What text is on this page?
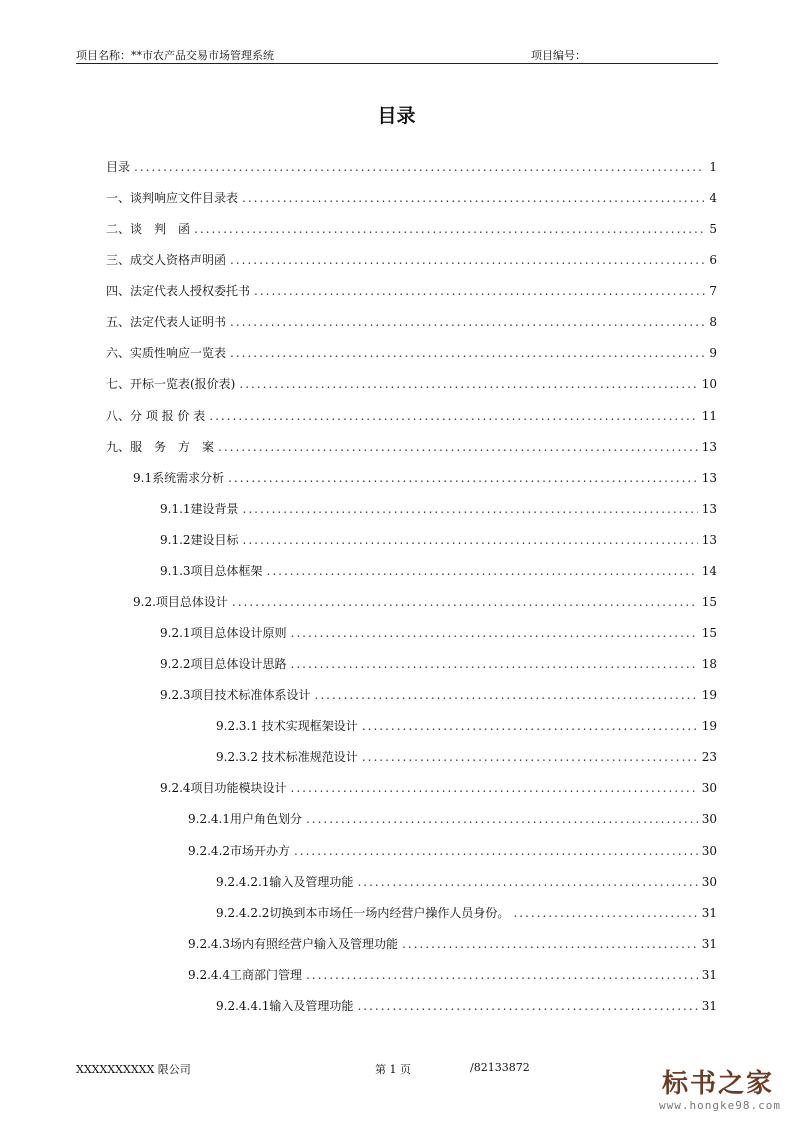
项目名称：**市农产品交易市场管理系统	项目编号：
目录
目录 .....	1
一、谈判响应文件目录表 .....	4
二、谈　判　函 .....	5
三、成交人资格声明函 .....	6
四、法定代表人授权委托书 .....	7
五、法定代表人证明书 .....	8
六、实质性响应一览表 .....	9
七、开标一览表(报价表) .....	10
八、分 项 报 价 表 .....	11
九、服　务　方　案 .....	13
9.1系统需求分析 .....	13
9.1.1建设背景 .....	13
9.1.2建设目标 .....	13
9.1.3项目总体框架 .....	14
9.2.项目总体设计 .....	15
9.2.1项目总体设计原则 .....	15
9.2.2项目总体设计思路 .....	18
9.2.3项目技术标准体系设计 .....	19
9.2.3.1 技术实现框架设计 .....	19
9.2.3.2 技术标准规范设计 .....	23
9.2.4项目功能模块设计 .....	30
9.2.4.1用户角色划分 .....	30
9.2.4.2市场开办方 .....	30
9.2.4.2.1输入及管理功能 .....	30
9.2.4.2.2切换到本市场任一场内经营户操作人员身份。 .....	31
9.2.4.3场内有照经营户输入及管理功能 .....	31
9.2.4.4工商部门管理 .....	31
9.2.4.4.1输入及管理功能 .....	31
XXXXXXXXXX 限公司	第 1 页	/82133872
标书之家
www.hongke98.com
